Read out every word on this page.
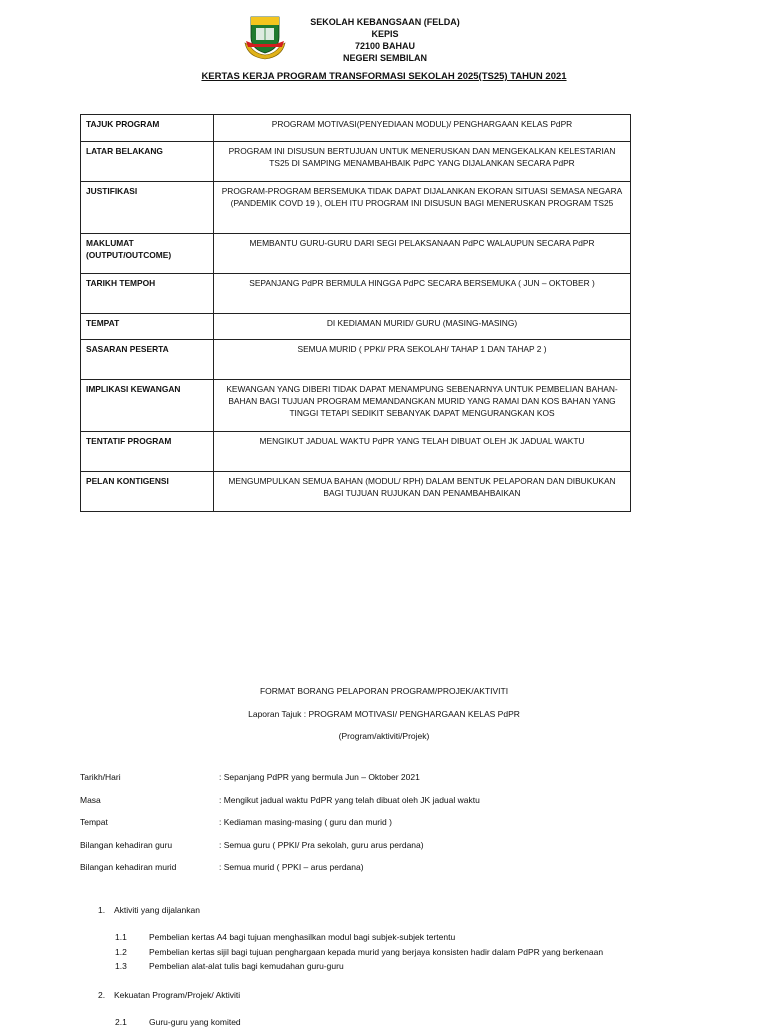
SEKOLAH KEBANGSAAN (FELDA) KEPIS
72100 BAHAU
NEGERI SEMBILAN
KERTAS KERJA PROGRAM TRANSFORMASI SEKOLAH 2025(TS25) TAHUN 2021
TAJUK PROGRAM	PROGRAM MOTIVASI(PENYEDIAAN MODUL)/ PENGHARGAAN KELAS PdPR
LATAR BELAKANG	PROGRAM INI DISUSUN BERTUJUAN UNTUK MENERUSKAN DAN MENGEKALKAN KELESTARIAN TS25 DI SAMPING MENAMBAHBAIK PdPC YANG DIJALANKAN SECARA PdPR
JUSTIFIKASI	PROGRAM-PROGRAM BERSEMUKA TIDAK DAPAT DIJALANKAN EKORAN SITUASI SEMASA NEGARA (PANDEMIK COVD 19 ), OLEH ITU PROGRAM INI DISUSUN BAGI MENERUSKAN PROGRAM TS25
MAKLUMAT (OUTPUT/OUTCOME)	MEMBANTU GURU-GURU DARI SEGI PELAKSANAAN PdPC WALAUPUN SECARA PdPR
TARIKH TEMPOH	SEPANJANG PdPR BERMULA HINGGA PdPC SECARA BERSEMUKA ( JUN – OKTOBER )
TEMPAT	DI KEDIAMAN MURID/ GURU (MASING-MASING)
SASARAN PESERTA	SEMUA MURID ( PPKI/ PRA SEKOLAH/ TAHAP 1 DAN TAHAP 2 )
IMPLIKASI KEWANGAN	KEWANGAN YANG DIBERI TIDAK DAPAT MENAMPUNG SEBENARNYA UNTUK PEMBELIAN BAHAN-BAHAN BAGI TUJUAN PROGRAM MEMANDANGKAN MURID YANG RAMAI DAN KOS BAHAN YANG TINGGI TETAPI SEDIKIT SEBANYAK DAPAT MENGURANGKAN KOS
TENTATIF PROGRAM	MENGIKUT JADUAL WAKTU PdPR YANG TELAH DIBUAT OLEH JK JADUAL WAKTU
PELAN KONTIGENSI	MENGUMPULKAN SEMUA BAHAN (MODUL/ RPH) DALAM BENTUK PELAPORAN DAN DIBUKUKAN BAGI TUJUAN RUJUKAN DAN PENAMBAHBAIKAN
FORMAT BORANG PELAPORAN PROGRAM/PROJEK/AKTIVITI
Laporan Tajuk : PROGRAM MOTIVASI/ PENGHARGAAN KELAS PdPR
(Program/aktiviti/Projek)
Tarikh/Hari	: Sepanjang PdPR yang bermula Jun – Oktober 2021
Masa	: Mengikut jadual waktu PdPR yang telah dibuat oleh JK jadual waktu
Tempat	: Kediaman masing-masing ( guru dan murid )
Bilangan kehadiran guru	: Semua guru ( PPKI/ Pra sekolah, guru arus perdana)
Bilangan kehadiran murid	: Semua murid ( PPKI – arus perdana)
1. Aktiviti yang dijalankan
1.1	Pembelian kertas A4 bagi tujuan menghasilkan modul bagi subjek-subjek tertentu
1.2	Pembelian kertas sijil bagi tujuan penghargaan kepada murid yang berjaya konsisten hadir dalam PdPR yang berkenaan
1.3	Pembelian alat-alat tulis bagi kemudahan guru-guru
2. Kekuatan Program/Projek/ Aktiviti
2.1	Guru-guru yang komited
